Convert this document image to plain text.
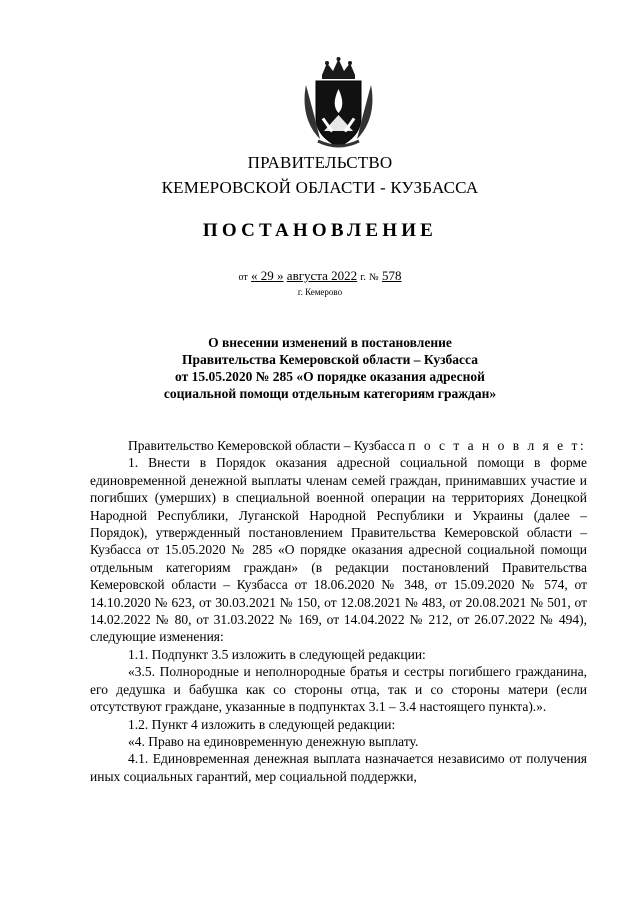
ПРАВИТЕЛЬСТВО
КЕМЕРОВСКОЙ ОБЛАСТИ - КУЗБАССА
ПОСТАНОВЛЕНИЕ
от « 29 » августа 2022 г. № 578
г. Кемерово
О внесении изменений в постановление
Правительства Кемеровской области – Кузбасса
от 15.05.2020 № 285 «О порядке оказания адресной
социальной помощи отдельным категориям граждан»

Правительство Кемеровской области – Кузбасса п о с т а н о в л я е т:

1. Внести в Порядок оказания адресной социальной помощи в форме единовременной денежной выплаты членам семей граждан, принимавших участие и погибших (умерших) в специальной военной операции на территориях Донецкой Народной Республики, Луганской Народной Республики и Украины (далее – Порядок), утвержденный постановлением Правительства Кемеровской области – Кузбасса от 15.05.2020 № 285 «О порядке оказания адресной социальной помощи отдельным категориям граждан» (в редакции постановлений Правительства Кемеровской области – Кузбасса от 18.06.2020 № 348, от 15.09.2020 № 574, от 14.10.2020 № 623, от 30.03.2021 № 150, от 12.08.2021 № 483, от 20.08.2021 № 501, от 14.02.2022 № 80, от 31.03.2022 № 169, от 14.04.2022 № 212, от 26.07.2022 № 494), следующие изменения:

1.1. Подпункт 3.5 изложить в следующей редакции:

«3.5. Полнородные и неполнородные братья и сестры погибшего гражданина, его дедушка и бабушка как со стороны отца, так и со стороны матери (если отсутствуют граждане, указанные в подпунктах 3.1 – 3.4 настоящего пункта).».

1.2. Пункт 4 изложить в следующей редакции:

«4. Право на единовременную денежную выплату.

4.1. Единовременная денежная выплата назначается независимо от получения иных социальных гарантий, мер социальной поддержки,
